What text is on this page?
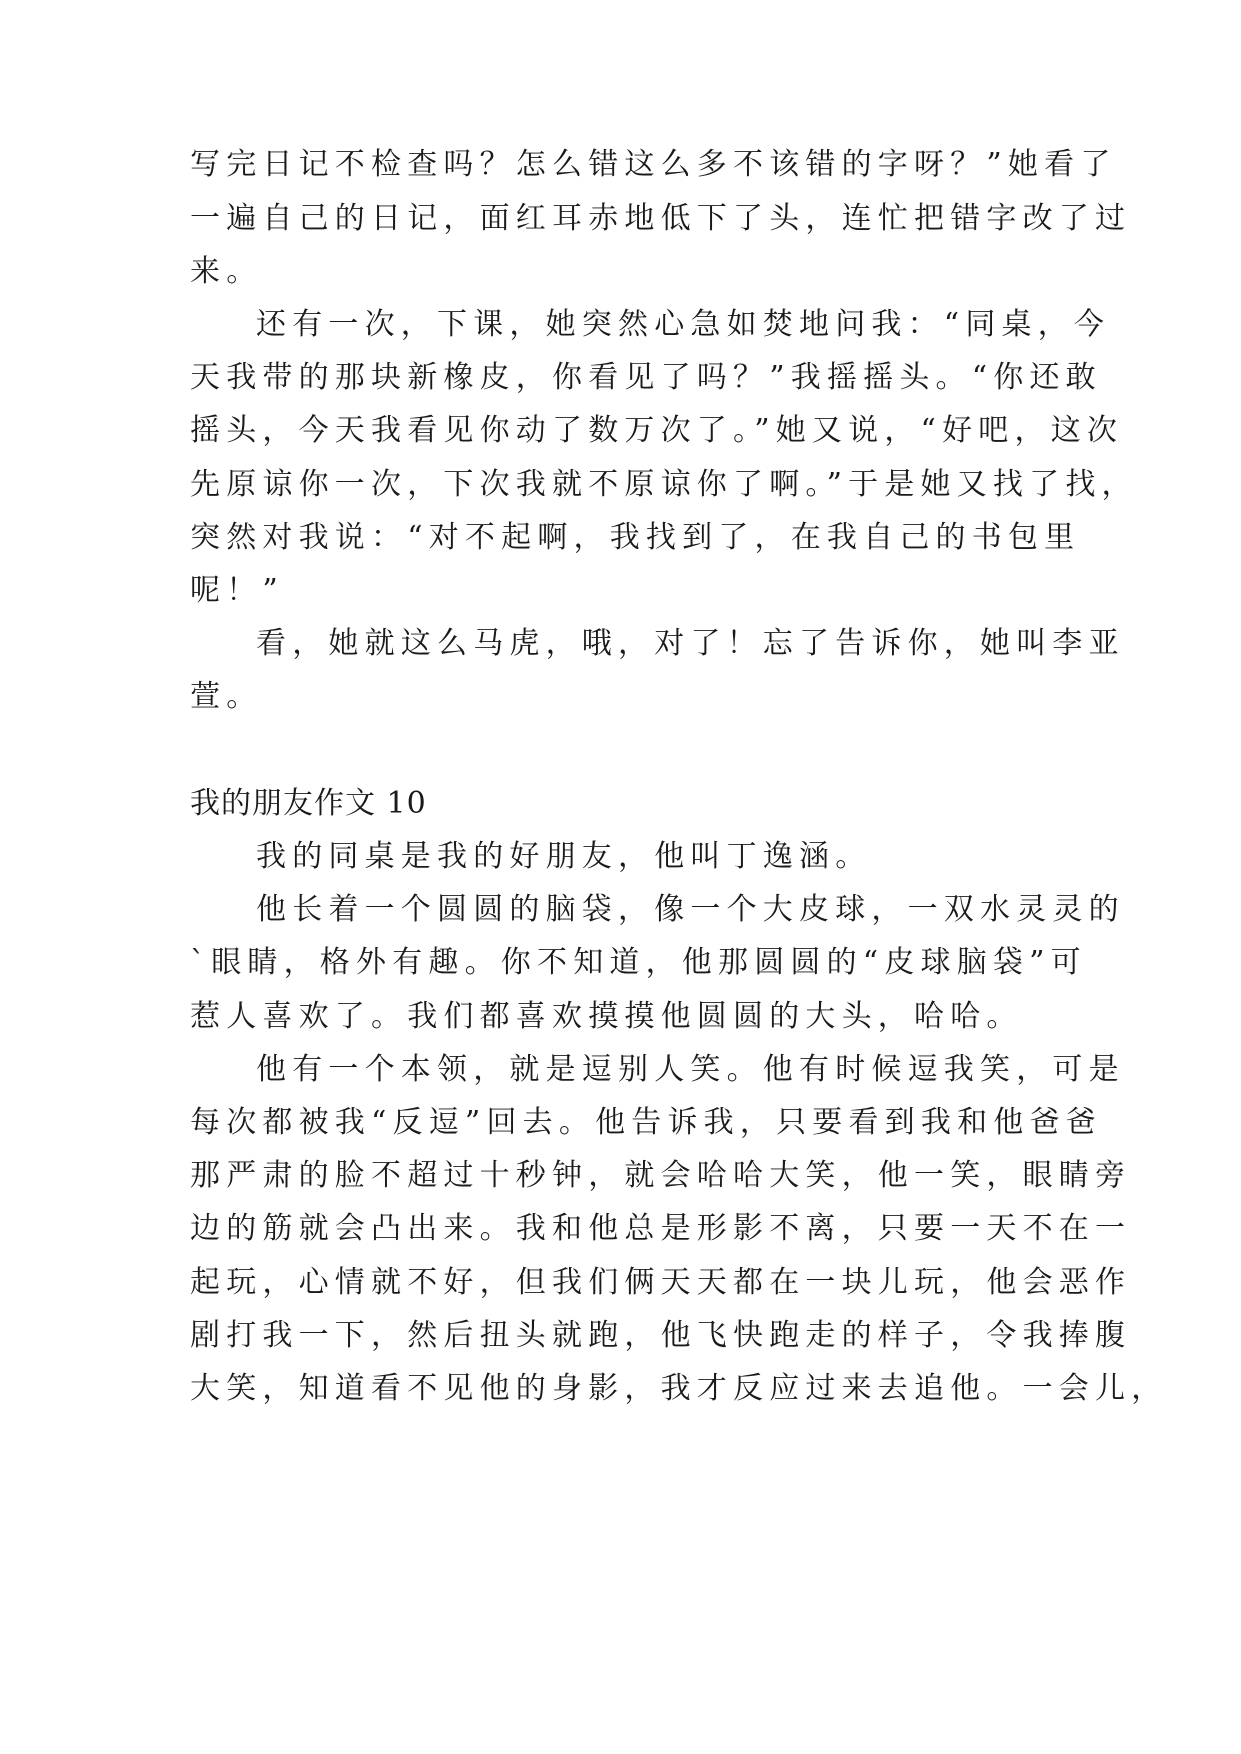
写完日记不检查吗？怎么错这么多不该错的字呀？”她看了
一遍自己的日记，面红耳赤地低下了头，连忙把错字改了过
来。
还有一次，下课，她突然心急如焚地问我：“同桌，今
天我带的那块新橡皮，你看见了吗？”我摇摇头。“你还敢
摇头，今天我看见你动了数万次了。”她又说，“好吧，这次
先原谅你一次，下次我就不原谅你了啊。”于是她又找了找，
突然对我说：“对不起啊，我找到了，在我自己的书包里
呢！”
看，她就这么马虎，哦，对了！忘了告诉你，她叫李亚
萱。
我的朋友作文 10
我的同桌是我的好朋友，他叫丁逸涵。
他长着一个圆圆的脑袋，像一个大皮球，一双水灵灵的
`眼睛，格外有趣。你不知道，他那圆圆的“皮球脑袋”可
惹人喜欢了。我们都喜欢摸摸他圆圆的大头，哈哈。
他有一个本领，就是逗别人笑。他有时候逗我笑，可是
每次都被我“反逗”回去。他告诉我，只要看到我和他爸爸
那严肃的脸不超过十秒钟，就会哈哈大笑，他一笑，眼睛旁
边的筋就会凸出来。我和他总是形影不离，只要一天不在一
起玩，心情就不好，但我们俩天天都在一块儿玩，他会恶作
剧打我一下，然后扭头就跑，他飞快跑走的样子，令我捧腹
大笑，知道看不见他的身影，我才反应过来去追他。一会儿，
